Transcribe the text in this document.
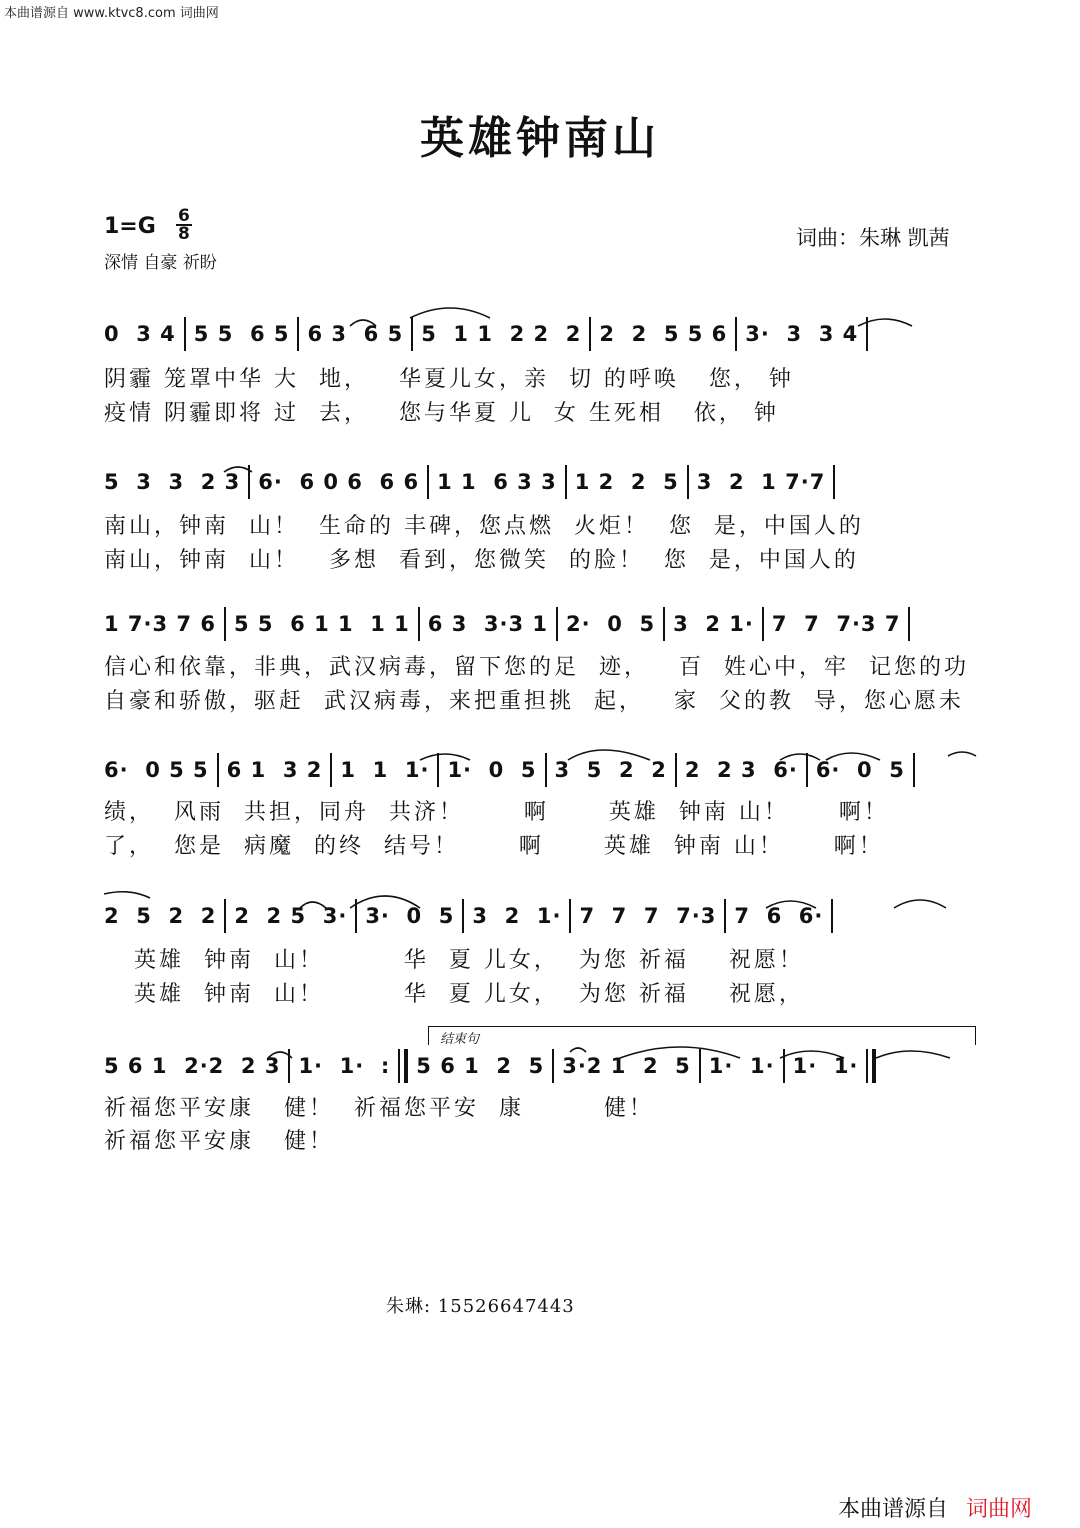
本曲谱源自 www.ktvc8.com 词曲网
英雄钟南山
$1=G \frac{6}{8}$
深情 自豪 祈盼
词曲：朱琳 凯茜
0  3 4 5 5  6 5 6 3  6 5 5  1 1  2 2  2 2  2  5 5 6 3·  3  3 4
阴霾 笼罩中华 大  地，   华夏儿女，亲  切 的呼唤   您， 钟
疫情 阴霾即将 过  去，   您与华夏 儿  女 生死相   依， 钟
5  3  3  2 3 6·  6 0 6  6 6 1 1  6 3 3 1 2  2  5 3  2  1 7·7
南山，钟南  山！  生命的 丰碑，您点燃  火炬！  您  是，中国人的
南山，钟南  山！   多想  看到，您微笑  的脸！  您  是，中国人的
1 7·3 7 6 5 5  6 1 1  1 1 6 3  3·3 1 2·  0  5 3  2 1· 7  7  7·3 7
信心和依靠，非典，武汉病毒，留下您的足  迹，   百  姓心中，牢  记您的功
自豪和骄傲，驱赶  武汉病毒，来把重担挑  起，   家  父的教  导，您心愿未
6·  0 5 5 6 1  3 2 1  1  1· 1·  0  5 3  5  2  2 2  2 3  6· 6·  0  5
绩，  风雨  共担，同舟  共济！      啊      英雄  钟南 山！     啊！
了，  您是  病魔  的终  结号！      啊      英雄  钟南 山！     啊！
2  5  2  2 2  2 5  3· 3·  0  5 3  2  1· 7  7  7  7·3 7  6  6·
英雄  钟南  山！        华  夏 儿女，  为您 祈福    祝愿！
英雄  钟南  山！        华  夏 儿女，  为您 祈福    祝愿，
结束句
5 6 1  2·2  2 3 1·  1·  : 5 6 1  2  5 3·2 1  2  5 1·  1· 1·  1·
祈福您平安康   健！  祈福您平安  康        健！
祈福您平安康   健！
朱琳: 15526647443
本曲谱源自 词曲网
